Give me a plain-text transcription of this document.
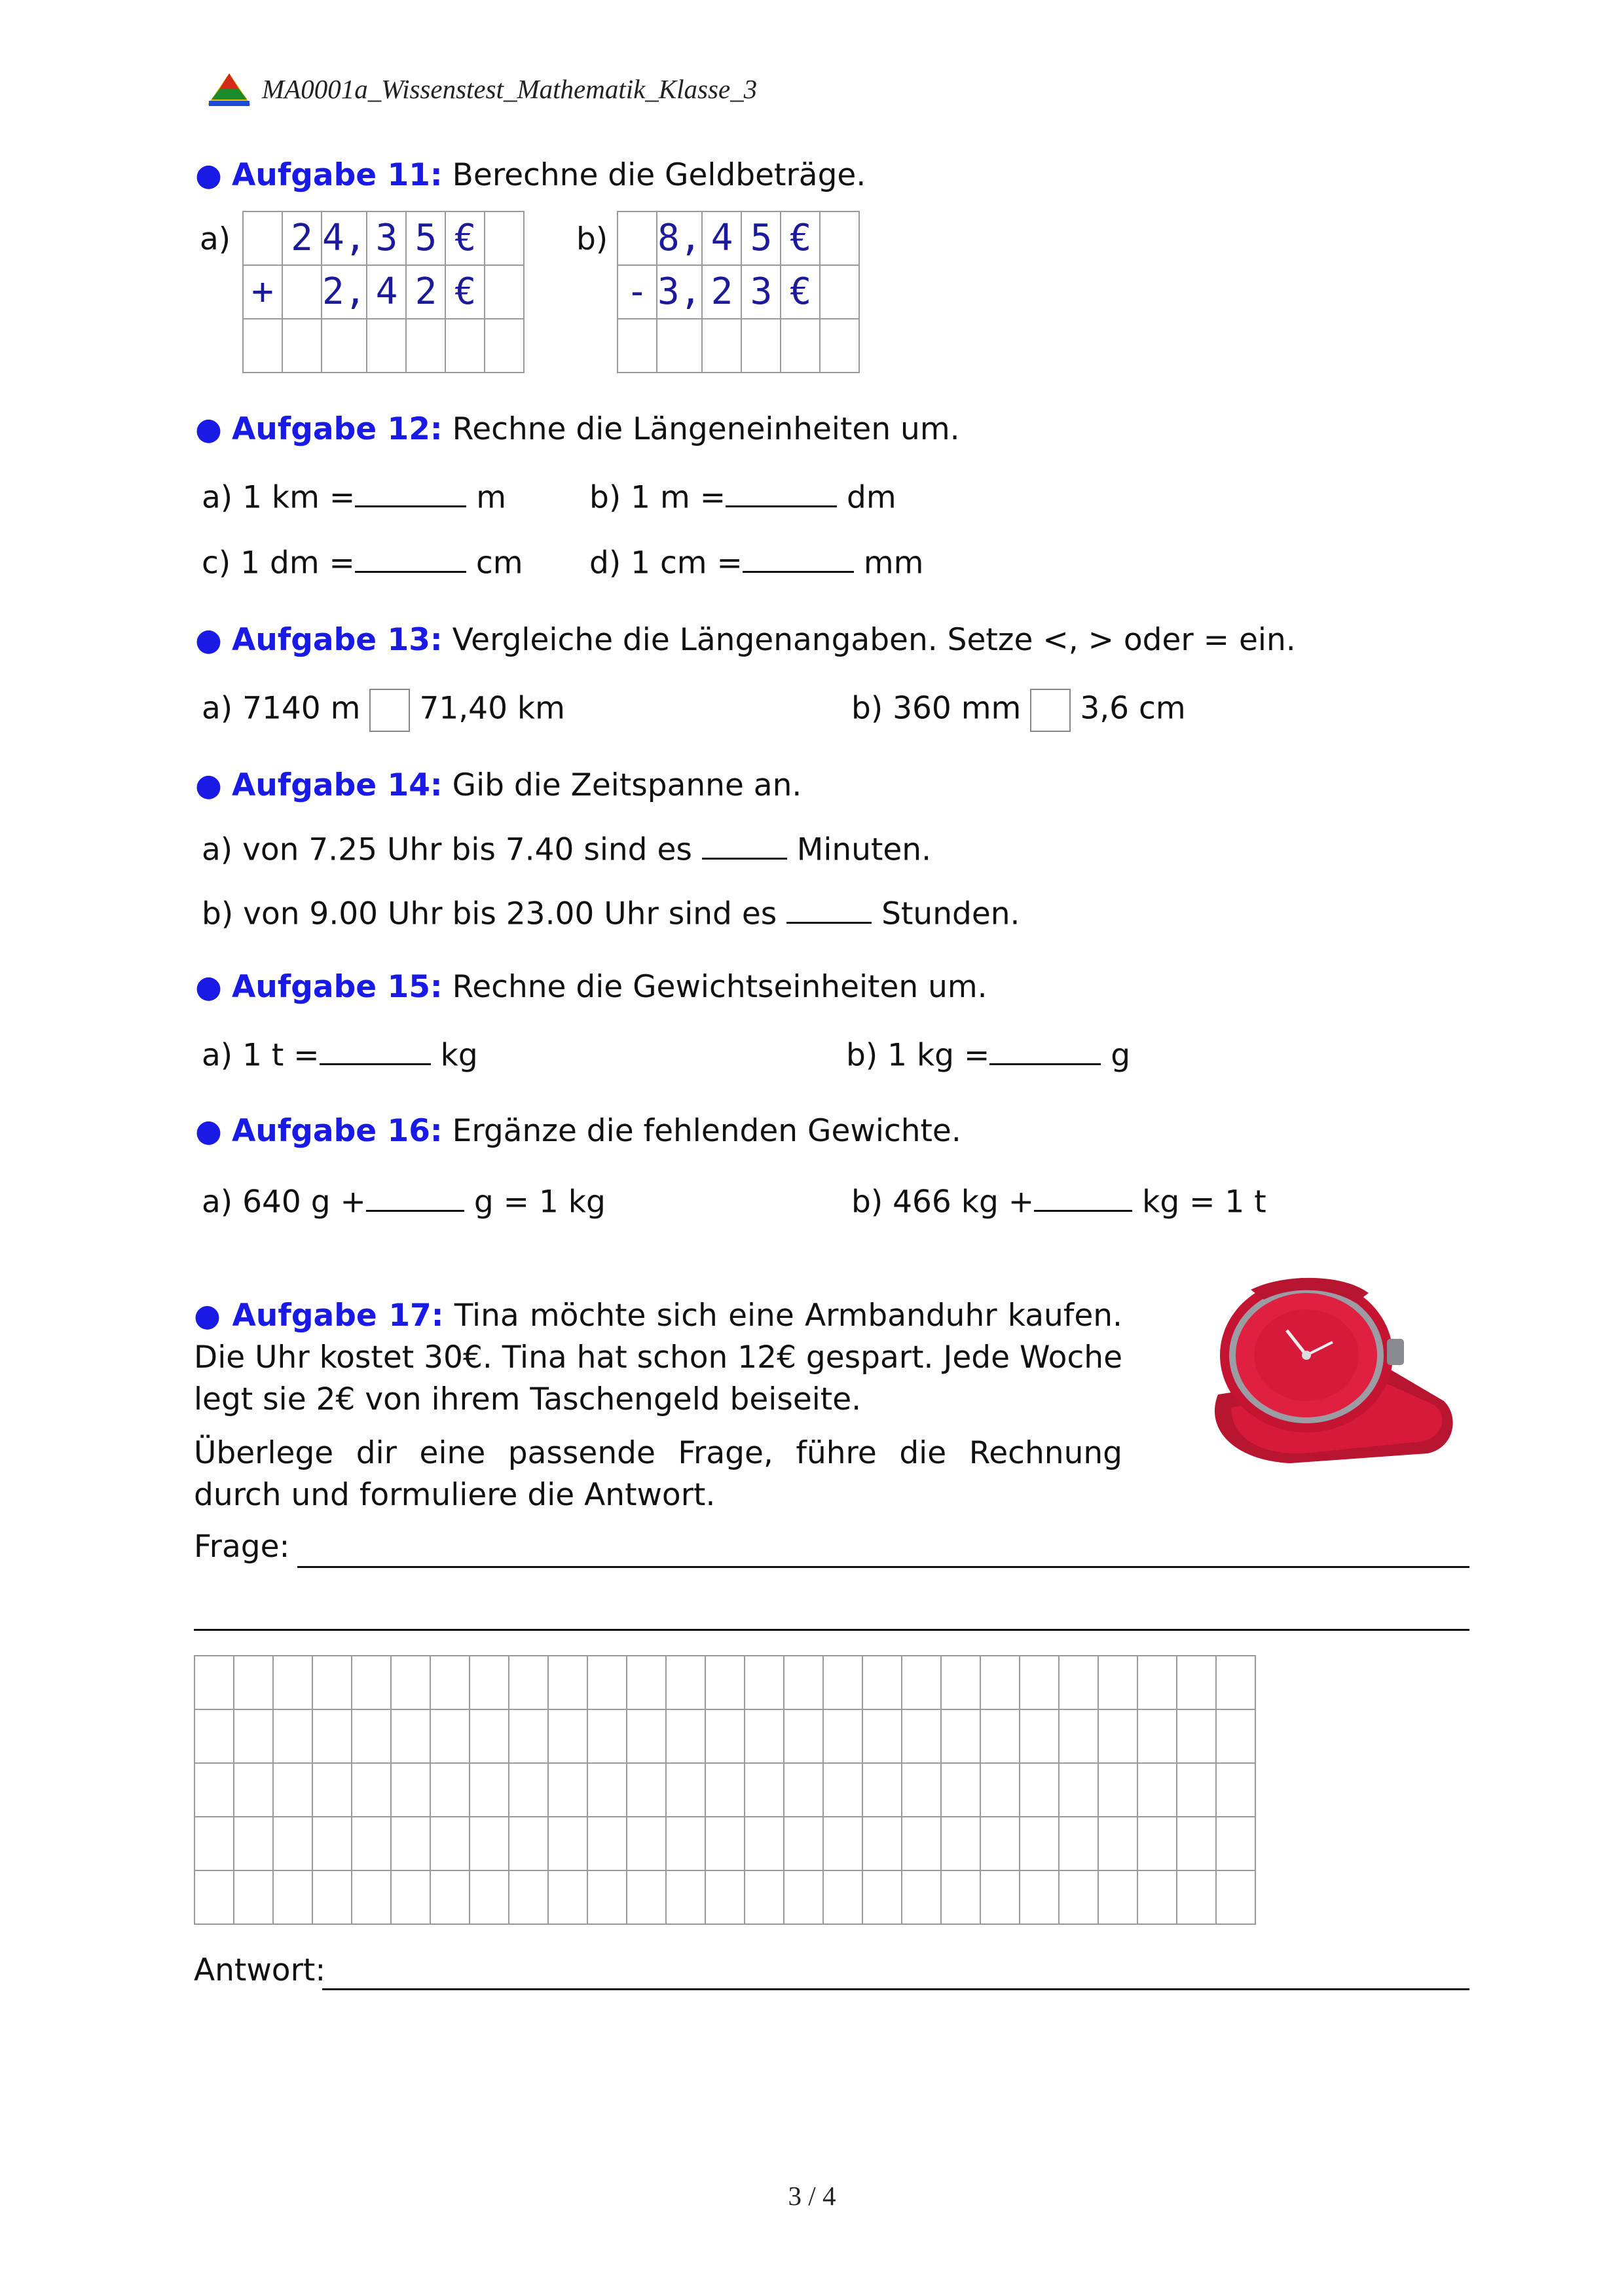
MA0001a_Wissenstest_Mathematik_Klasse_3
● Aufgabe 11: Berechne die Geldbeträge.
a)
	2	4,	3	5	€	
+		2,	4	2	€	

b)
	8,	4	5	€	
-	3,	2	3	€	

● Aufgabe 12: Rechne die Längeneinheiten um.
a) 1 km =	m	b) 1 m =	dm
c) 1 dm =	cm d) 1 cm =	mm
● Aufgabe 13: Vergleiche die Längenangaben. Setze <, > oder = ein.
a) 7140 m 71,40 km	b) 360 mm 3,6 cm
● Aufgabe 14: Gib die Zeitspanne an.
a) von 7.25 Uhr bis 7.40 sind es	Minuten.
b) von 9.00 Uhr bis 23.00 Uhr sind es	Stunden.
● Aufgabe 15: Rechne die Gewichtseinheiten um.
a) 1 t =	kg	b) 1 kg =	g
● Aufgabe 16: Ergänze die fehlenden Gewichte.
a) 640 g +	g = 1 kg	b) 466 kg +	kg = 1 t
● Aufgabe 17: Tina möchte sich eine Armbanduhr kaufen. Die Uhr kostet 30€. Tina hat schon 12€ gespart. Jede Woche legt sie 2€ von ihrem Taschengeld beiseite.
Überlege dir eine passende Frage, führe die Rechnung durch und formuliere die Antwort.
Frage:

Antwort:
3 / 4
